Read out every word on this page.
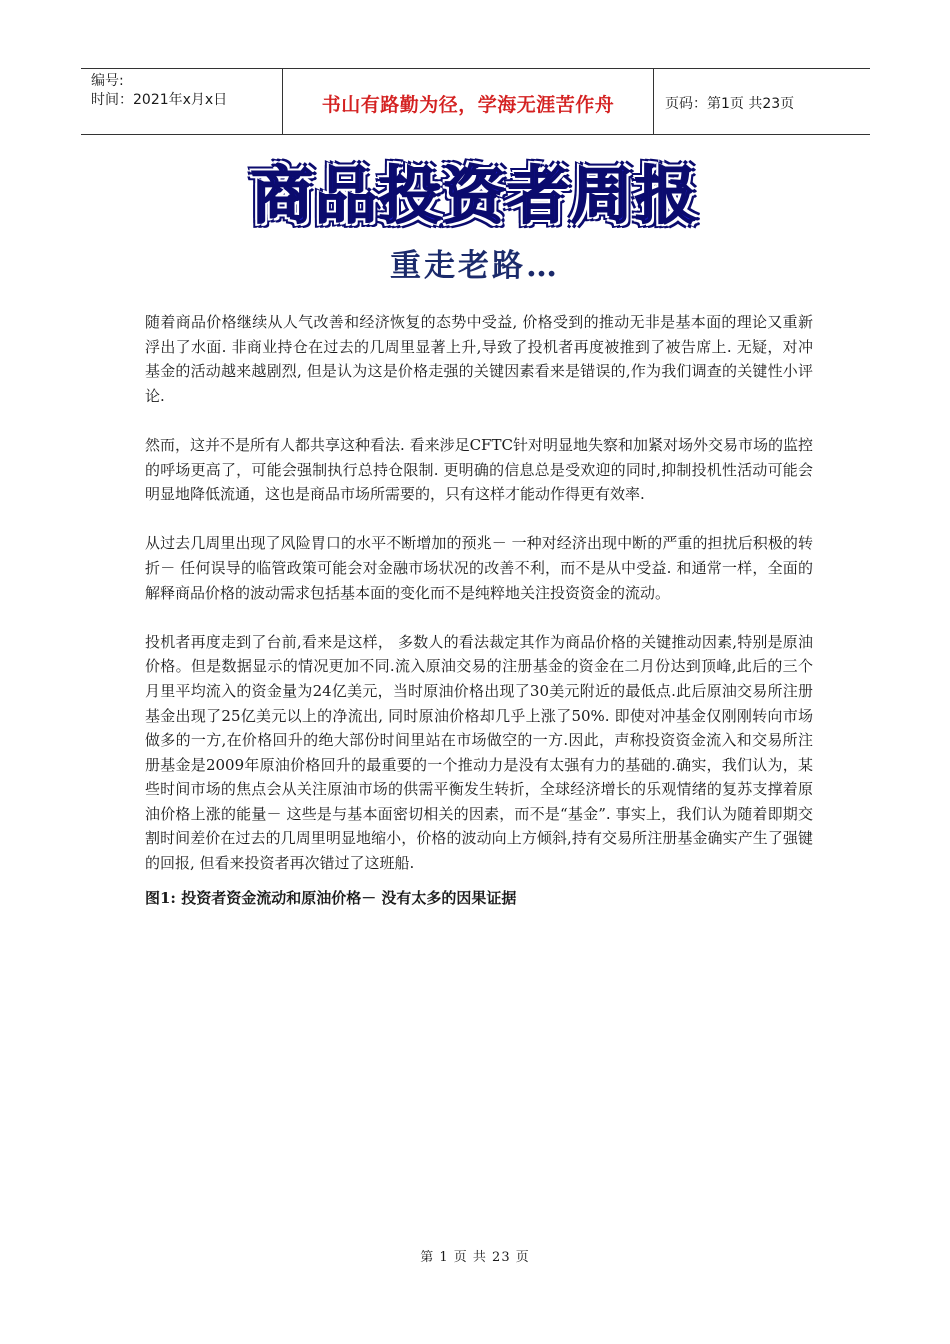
编号:
时间：2021年x月x日	书山有路勤为径，学海无涯苦作舟	页码：第1页 共23页
商品投资者周报
重走老路…

随着商品价格继续从人气改善和经济恢复的态势中受益, 价格受到的推动无非是基本面的理论又重新浮出了水面. 非商业持仓在过去的几周里显著上升,导致了投机者再度被推到了被告席上. 无疑，对冲基金的活动越来越剧烈, 但是认为这是价格走强的关键因素看来是错误的,作为我们调查的关键性小评论.

然而，这并不是所有人都共享这种看法. 看来涉足CFTC针对明显地失察和加紧对场外交易市场的监控的呼场更高了，可能会强制执行总持仓限制. 更明确的信息总是受欢迎的同时,抑制投机性活动可能会明显地降低流通，这也是商品市场所需要的，只有这样才能动作得更有效率.

从过去几周里出现了风险胃口的水平不断增加的预兆－ 一种对经济出现中断的严重的担扰后积极的转折－ 任何误导的临管政策可能会对金融市场状况的改善不利，而不是从中受益. 和通常一样，全面的解释商品价格的波动需求包括基本面的变化而不是纯粹地关注投资资金的流动。

投机者再度走到了台前,看来是这样， 多数人的看法裁定其作为商品价格的关键推动因素,特别是原油价格。但是数据显示的情况更加不同.流入原油交易的注册基金的资金在二月份达到顶峰,此后的三个月里平均流入的资金量为24亿美元，当时原油价格出现了30美元附近的最低点.此后原油交易所注册基金出现了25亿美元以上的净流出, 同时原油价格却几乎上涨了50%. 即使对冲基金仅刚刚转向市场做多的一方,在价格回升的绝大部份时间里站在市场做空的一方.因此，声称投资资金流入和交易所注册基金是2009年原油价格回升的最重要的一个推动力是没有太强有力的基础的.确实，我们认为，某些时间市场的焦点会从关注原油市场的供需平衡发生转折，全球经济增长的乐观情绪的复苏支撑着原油价格上涨的能量－ 这些是与基本面密切相关的因素，而不是“基金”. 事实上，我们认为随着即期交割时间差价在过去的几周里明显地缩小，价格的波动向上方倾斜,持有交易所注册基金确实产生了强键的回报, 但看来投资者再次错过了这班船.

图1: 投资者资金流动和原油价格－ 没有太多的因果证据
第 1 页 共 23 页
